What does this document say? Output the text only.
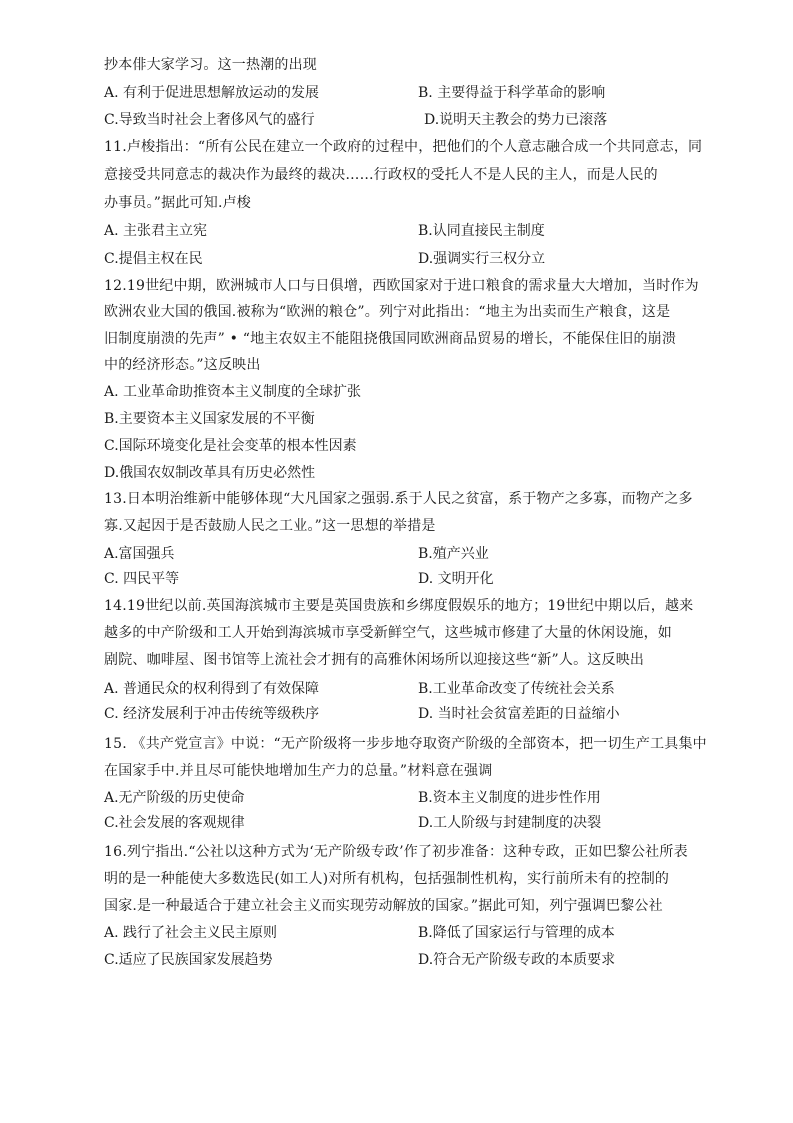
抄本俳大家学习。这一热潮的出现
A. 有利于促进思想解放运动的发展	B. 主要得益于科学革命的影响
C.导致当时社会上奢侈风气的盛行	D.说明天主教会的势力已滚落
11.卢梭指出：“所有公民在建立一个政府的过程中，把他们的个人意志融合成一个共同意志，同
意接受共同意志的裁决作为最终的裁决……行政权的受托人不是人民的主人，而是人民的
办事员。”据此可知.卢梭
A. 主张君主立宪	B.认同直接民主制度
C.提倡主权在民	D.强调实行三权分立
12.19世纪中期，欧洲城市人口与日俱增，西欧国家对于进口粮食的需求量大大增加，当时作为
欧洲农业大国的俄国.被称为“欧洲的粮仓”。列宁对此指出：“地主为出卖而生产粮食，这是
旧制度崩溃的先声” • “地主农奴主不能阻挠俄国同欧洲商品贸易的增长，不能保住旧的崩溃
中的经济形态。”这反映出
A. 工业革命助推资本主义制度的全球扩张
B.主要资本主义国家发展的不平衡
C.国际环境变化是社会变革的根本性因素
D.俄国农奴制改革具有历史必然性
13.日本明治维新中能够体现“大凡国家之强弱.系于人民之贫富，系于物产之多寡，而物产之多
寡.又起因于是否鼓励人民之工业。”这一思想的举措是
A.富国强兵	B.殖产兴业
C. 四民平等	D. 文明开化
14.19世纪以前.英国海滨城市主要是英国贵族和乡绑度假娱乐的地方；19世纪中期以后，越来
越多的中产阶级和工人开始到海滨城市享受新鲜空气，这些城市修建了大量的休闲设施，如
剧院、咖啡屋、图书馆等上流社会才拥有的高雅休闲场所以迎接这些“新”人。这反映出
A. 普通民众的权利得到了有效保障	B.工业革命改变了传统社会关系
C. 经济发展利于冲击传统等级秩序	D. 当时社会贫富差距的日益缩小
15. 《共产党宣言》中说：“无产阶级将一步步地夺取资产阶级的全部资本，把一切生产工具集中
在国家手中.并且尽可能快地增加生产力的总量。”材料意在强调
A.无产阶级的历史使命	B.资本主义制度的进步性作用
C.社会发展的客观规律	D.工人阶级与封建制度的决裂
16.列宁指出.“公社以这种方式为‘无产阶级专政’作了初步准备：这种专政，正如巴黎公社所表
明的是一种能使大多数选民(如工人)对所有机构，包括强制性机构，实行前所未有的控制的
国家.是一种最适合于建立社会主义而实现劳动解放的国家。”据此可知，列宁强调巴黎公社
A. 践行了社会主义民主原则	B.降低了国家运行与管理的成本
C.适应了民族国家发展趋势	D.符合无产阶级专政的本质要求
